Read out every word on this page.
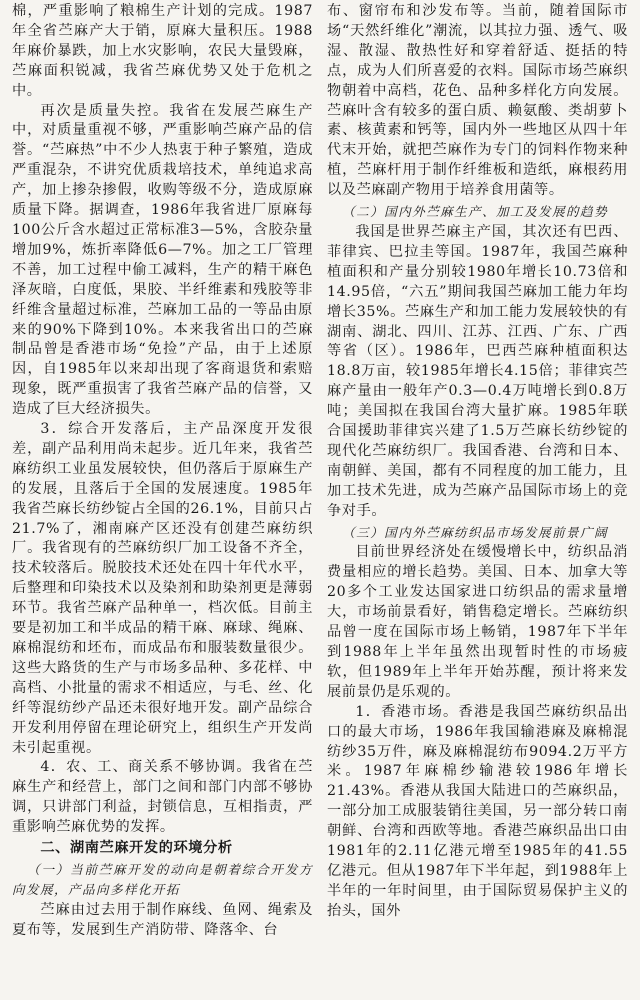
棉，严重影响了粮棉生产计划的完成。1987年全省苎麻产大于销，原麻大量积压。1988年麻价暴跌，加上水灾影响，农民大量毁麻，苎麻面积锐减，我省苎麻优势又处于危机之中。

再次是质量失控。我省在发展苎麻生产中，对质量重视不够，严重影响苎麻产品的信誉。“苎麻热”中不少人热衷于种子繁殖，造成严重混杂，不讲究优质栽培技术，单纯追求高产，加上掺杂掺假，收购等级不分，造成原麻质量下降。据调查，1986年我省进厂原麻每100公斤含水超过正常标准3—5%，含胶杂量增加9%，炼折率降低6—7%。加之工厂管理不善，加工过程中偷工减料，生产的精干麻色泽灰暗，白度低，果胶、半纤维素和残胶等非纤维含量超过标准，苎麻加工品的一等品由原来的90%下降到10%。本来我省出口的苎麻制品曾是香港市场“免捡”产品，由于上述原因，自1985年以来却出现了客商退货和索赔现象，既严重损害了我省苎麻产品的信誉，又造成了巨大经济损失。

3．综合开发落后，主产品深度开发很差，副产品利用尚未起步。近几年来，我省苎麻纺织工业虽发展较快，但仍落后于原麻生产的发展，且落后于全国的发展速度。1985年我省苎麻长纺纱锭占全国的26.1%，目前只占21.7%了，湘南麻产区还没有创建苎麻纺织厂。我省现有的苎麻纺织厂加工设备不齐全，技术较落后。脱胶技术还处在四十年代水平，后整理和印染技术以及染剂和助染剂更是薄弱环节。我省苎麻产品种单一，档次低。目前主要是初加工和半成品的精干麻、麻球、绳麻、麻棉混纺和坯布，而成品布和服装数量很少。这些大路货的生产与市场多品种、多花样、中高档、小批量的需求不相适应，与毛、丝、化纤等混纺纱产品还未很好地开发。副产品综合开发利用停留在理论研究上，组织生产开发尚未引起重视。

4．农、工、商关系不够协调。我省在苎麻生产和经营上，部门之间和部门内部不够协调，只讲部门利益，封锁信息，互相指责，严重影响苎麻优势的发挥。

二、湖南苎麻开发的环境分析
（一）当前苎麻开发的动向是朝着综合开发方向发展，产品向多样化开拓

苎麻由过去用于制作麻线、鱼网、绳索及夏布等，发展到生产消防带、降落伞、台

布、窗帘布和沙发布等。当前，随着国际市场“天然纤维化”潮流，以其拉力强、透气、吸湿、散湿、散热性好和穿着舒适、挺括的特点，成为人们所喜爱的衣料。国际市场苎麻织物朝着中高档，花色、品种多样化方向发展。苎麻叶含有较多的蛋白质、赖氨酸、类胡萝卜素、核黄素和钙等，国内外一些地区从四十年代末开始，就把苎麻作为专门的饲料作物来种植，苎麻杆用于制作纤维板和造纸，麻根药用以及苎麻副产物用于培养食用菌等。

（二）国内外苎麻生产、加工及发展的趋势

我国是世界苎麻主产国，其次还有巴西、菲律宾、巴拉圭等国。1987年，我国苎麻种植面积和产量分别较1980年增长10.73倍和14.95倍，“六五”期间我国苎麻加工能力年均增长35%。苎麻生产和加工能力发展较快的有湖南、湖北、四川、江苏、江西、广东、广西等省（区）。1986年，巴西苎麻种植面积达18.8万亩，较1985年增长4.15倍；菲律宾苎麻产量由一般年产0.3—0.4万吨增长到0.8万吨；美国拟在我国台湾大量扩麻。1985年联合国援助菲律宾兴建了1.5万苎麻长纺纱锭的现代化苎麻纺织厂。我国香港、台湾和日本、南朝鲜、美国，都有不同程度的加工能力，且加工技术先进，成为苎麻产品国际市场上的竞争对手。

（三）国内外苎麻纺织品市场发展前景广阔

目前世界经济处在缓慢增长中，纺织品消费量相应的增长趋势。美国、日本、加拿大等20多个工业发达国家进口纺织品的需求量增大，市场前景看好，销售稳定增长。苎麻纺织品曾一度在国际市场上畅销，1987年下半年到1988年上半年虽然出现暂时性的市场疲软，但1989年上半年开始苏醒，预计将来发展前景仍是乐观的。

1．香港市场。香港是我国苎麻纺织品出口的最大市场，1986年我国输港麻及麻棉混纺纱35万件，麻及麻棉混纺布9094.2万平方米。1987年麻棉纱输港较1986年增长21.43%。香港从我国大陆进口的苎麻织品，一部分加工成服装销往美国，另一部分转口南朝鲜、台湾和西欧等地。香港苎麻织品出口由1981年的2.11亿港元增至1985年的41.55亿港元。但从1987年下半年起，到1988年上半年的一年时间里，由于国际贸易保护主义的抬头，国外
